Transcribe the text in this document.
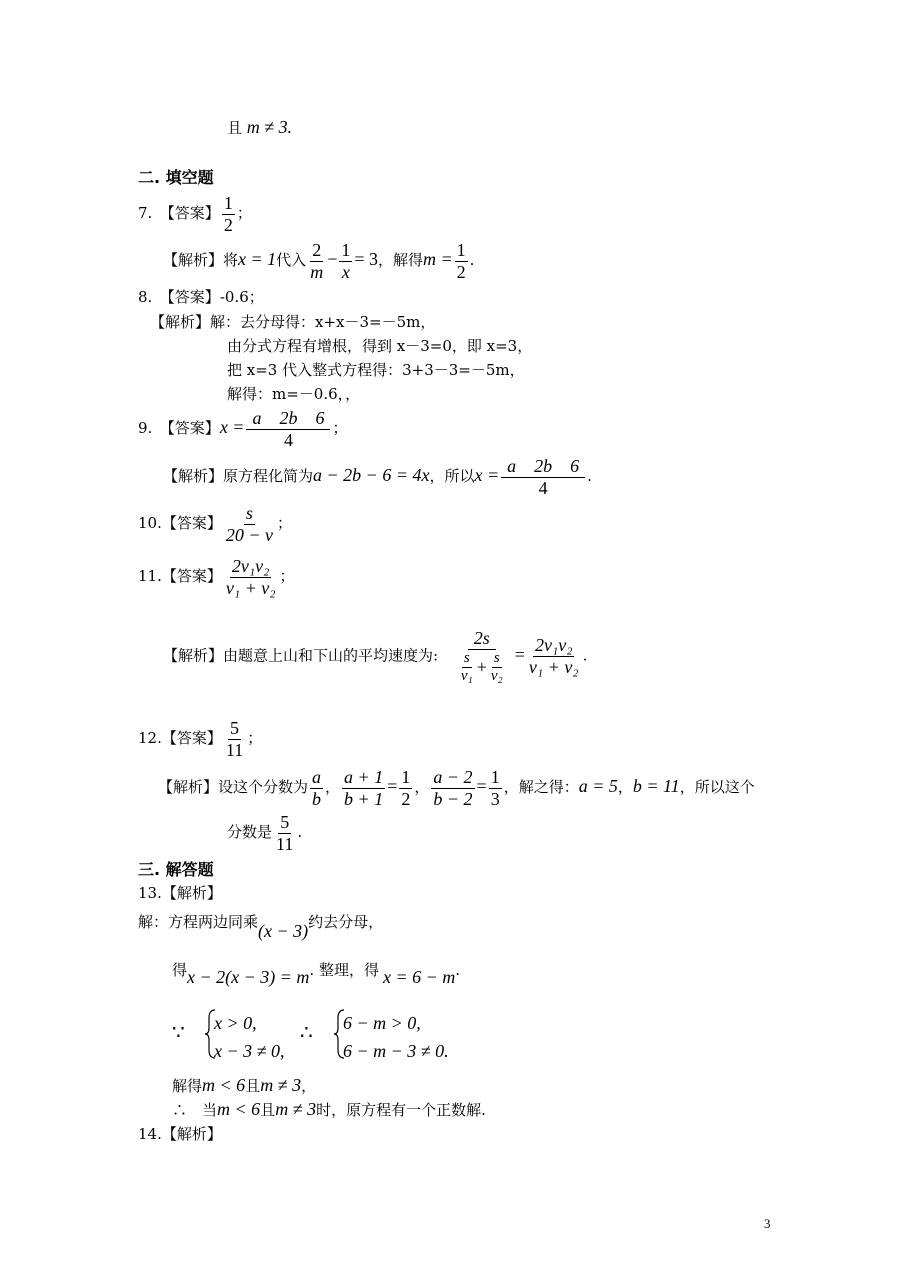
且 m ≠ 3.
二. 填空题
7.　【答案】 $\frac{1}{2}$ ；
【解析】将x = 1代入 $\frac{2}{m} - \frac{1}{x} = 3$，解得$m = \frac{1}{2}$ .
8.　【答案】-0.6；
【解析】解：去分母得：x+x－3=－5m，
由分式方程有增根，得到 x－3=0，即 x=3，
把 x=3 代入整式方程得：3+3－3=－5m，
解得：m=－0.6，，
9.　【答案】$x = \frac{a 2b 6}{4}$ ；
【解析】原方程化简为a − 2b − 6 = 4x，所以$x = \frac{a 2b 6}{4}$ .
10.【答案】 $\frac{s}{20 - v}$ ；
11.【答案】 $\frac{\text{2v₁v₂}}{\text{v₁ + v₂}}$ ；
【解析】由题意上山和下山的平均速度为: $\frac{2s}{\frac{s}{\text{v₁}} + \frac{s}{\text{v₂}}} = \frac{\text{2v₁v₂}}{\text{v₁ + v₂}}$ .
12.【答案】 $\frac{5}{11}$ ；
【解析】设这个分数为 $\frac{a}{b}$ ， $\frac{a + 1}{b + 1} = \frac{1}{2}$ ， $\frac{a - 2}{b - 2} = \frac{1}{3}$ ，解之得：a = 5，b = 11，所以这个
分数是 $\frac{5}{11}$ .
三. 解答题
13.【解析】
解：方程两边同乘(x − 3)约去分母，
得x − 2(x − 3) = m. 整理，得 x = 6 − m.
∵ x > 0,
x − 3 ≠ 0,
∴ 6 − m > 0,
6 − m − 3 ≠ 0.
解得m < 6且m ≠ 3，
∴　当m < 6且m ≠ 3时，原方程有一个正数解.
14.【解析】
3
